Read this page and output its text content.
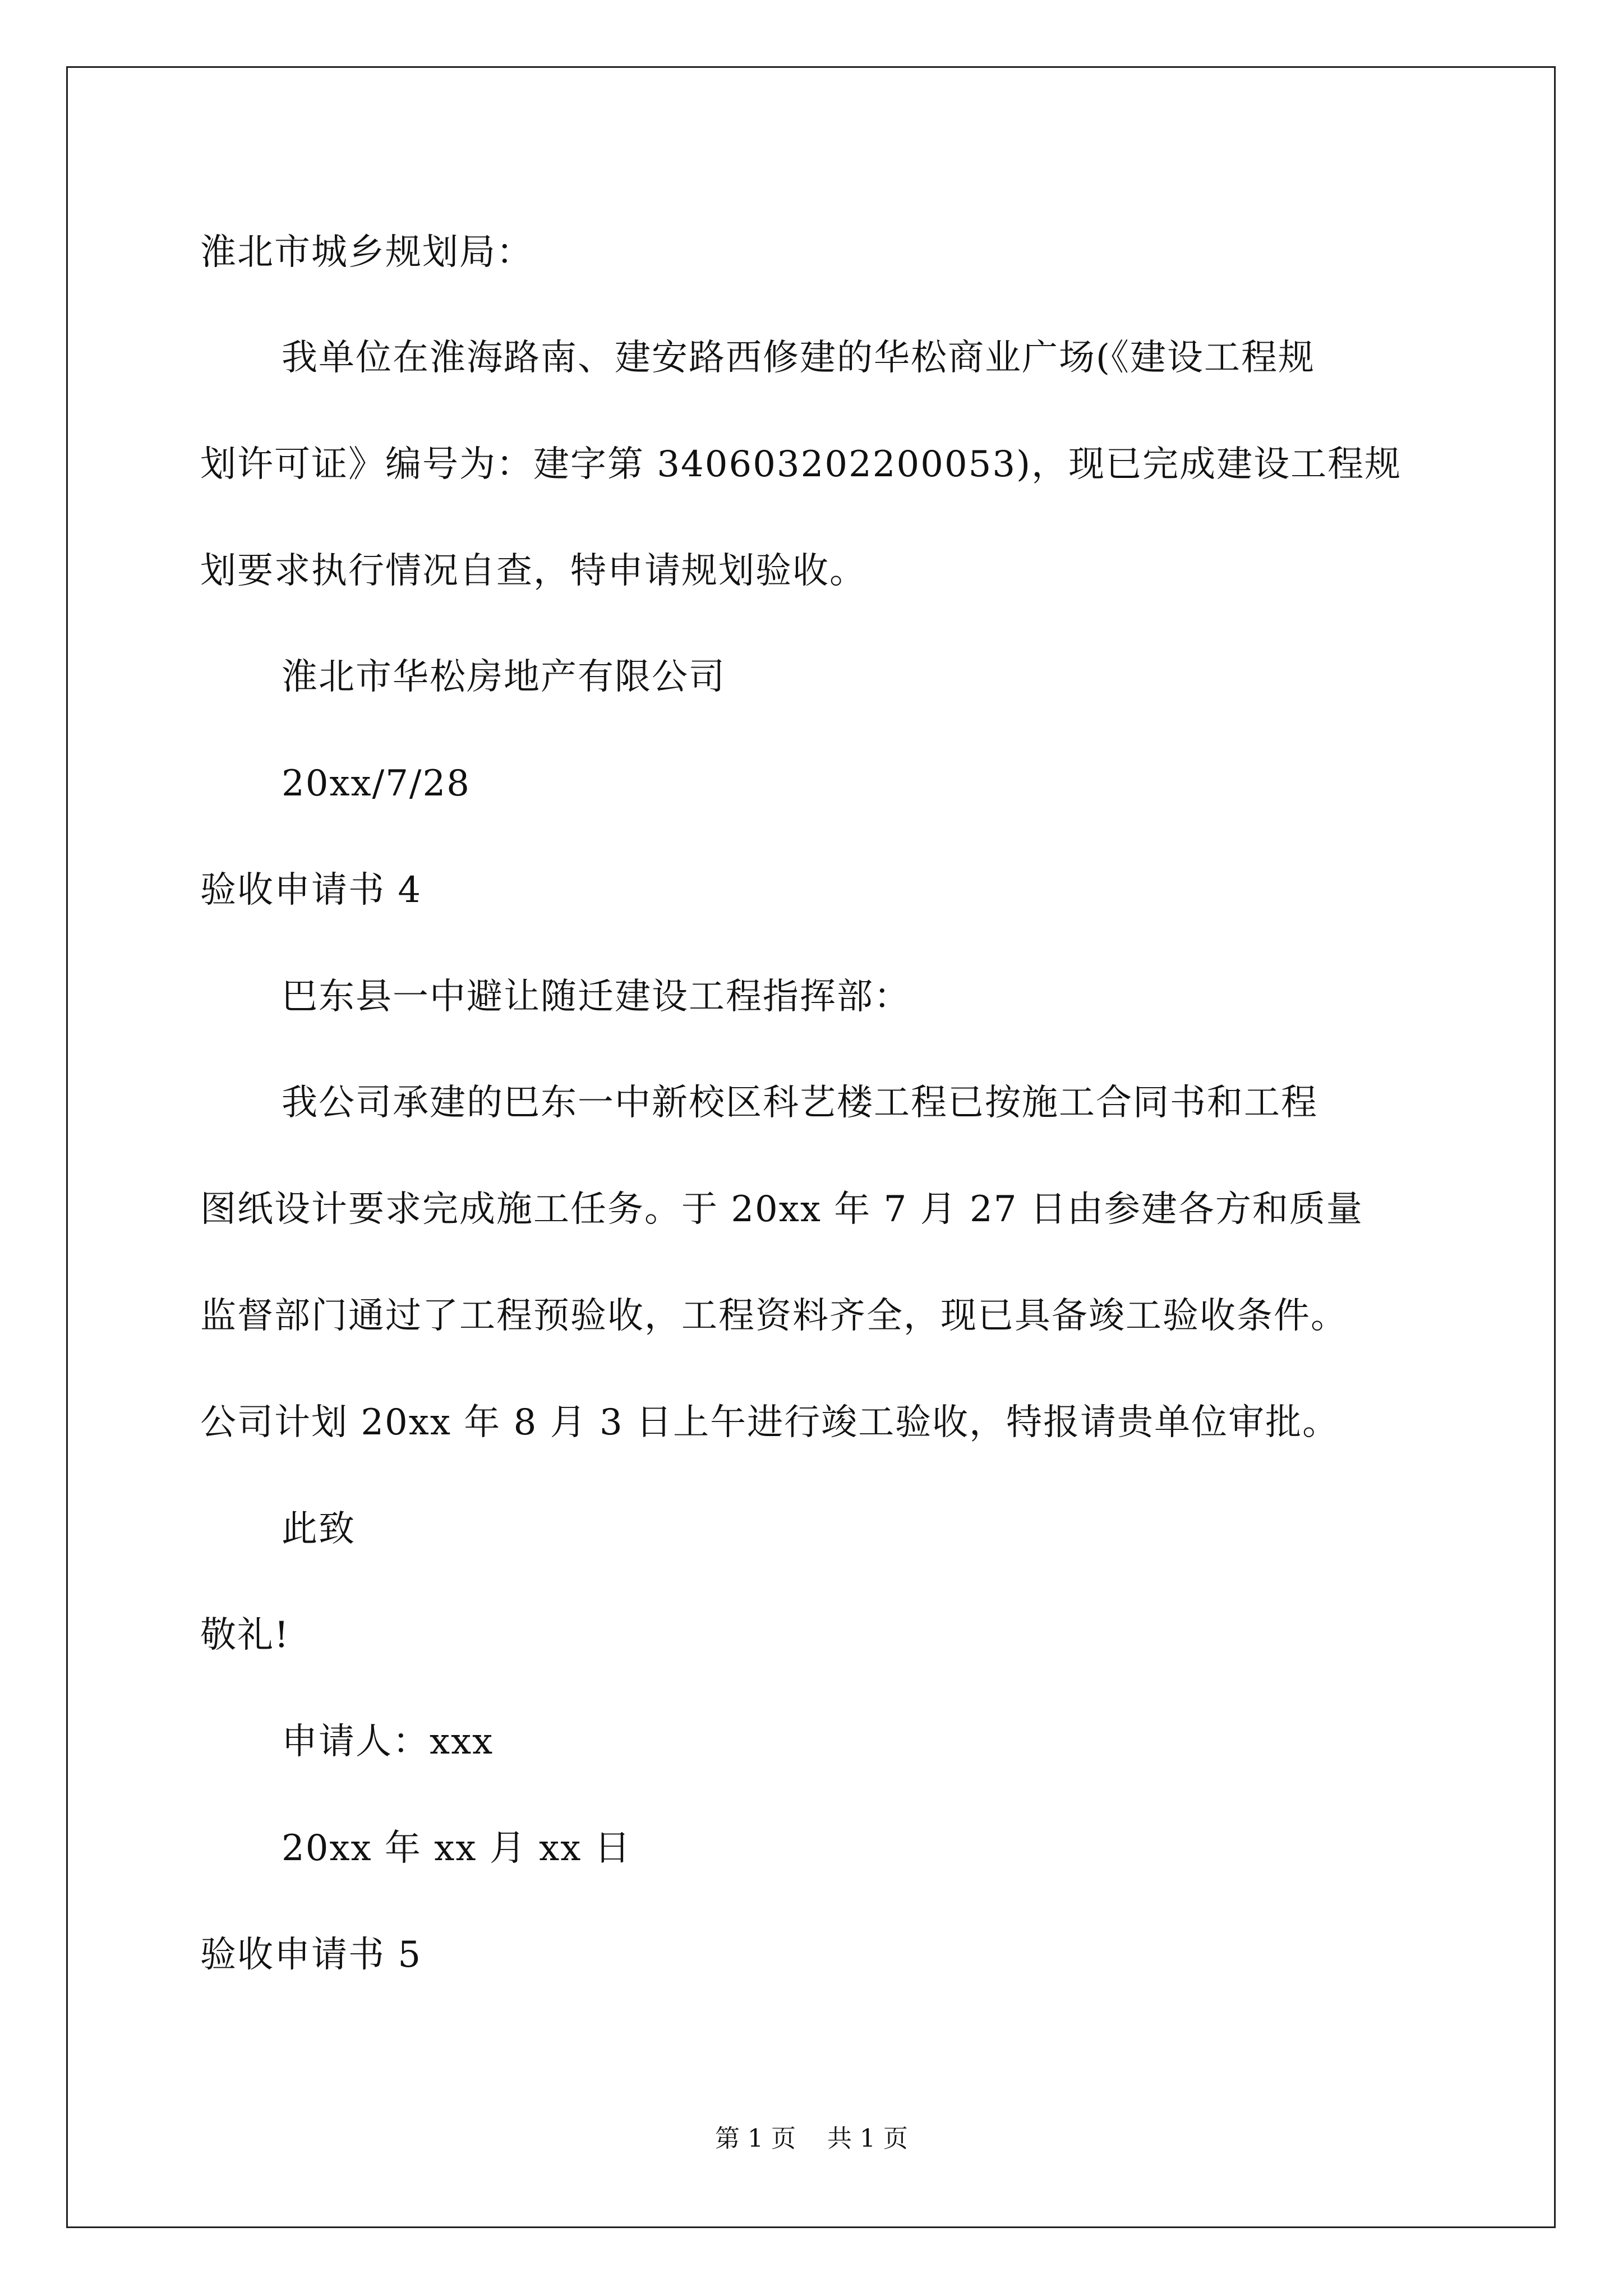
淮北市城乡规划局：
我单位在淮海路南、建安路西修建的华松商业广场(《建设工程规
划许可证》编号为：建字第 340603202200053)，现已完成建设工程规
划要求执行情况自查，特申请规划验收。
淮北市华松房地产有限公司
20xx/7/28
验收申请书 4
巴东县一中避让随迁建设工程指挥部：
我公司承建的巴东一中新校区科艺楼工程已按施工合同书和工程
图纸设计要求完成施工任务。于 20xx 年 7 月 27 日由参建各方和质量
监督部门通过了工程预验收，工程资料齐全，现已具备竣工验收条件。
公司计划 20xx 年 8 月 3 日上午进行竣工验收，特报请贵单位审批。
此致
敬礼!
申请人：xxx
20xx 年 xx 月 xx 日
验收申请书 5
第 1 页    共 1 页
